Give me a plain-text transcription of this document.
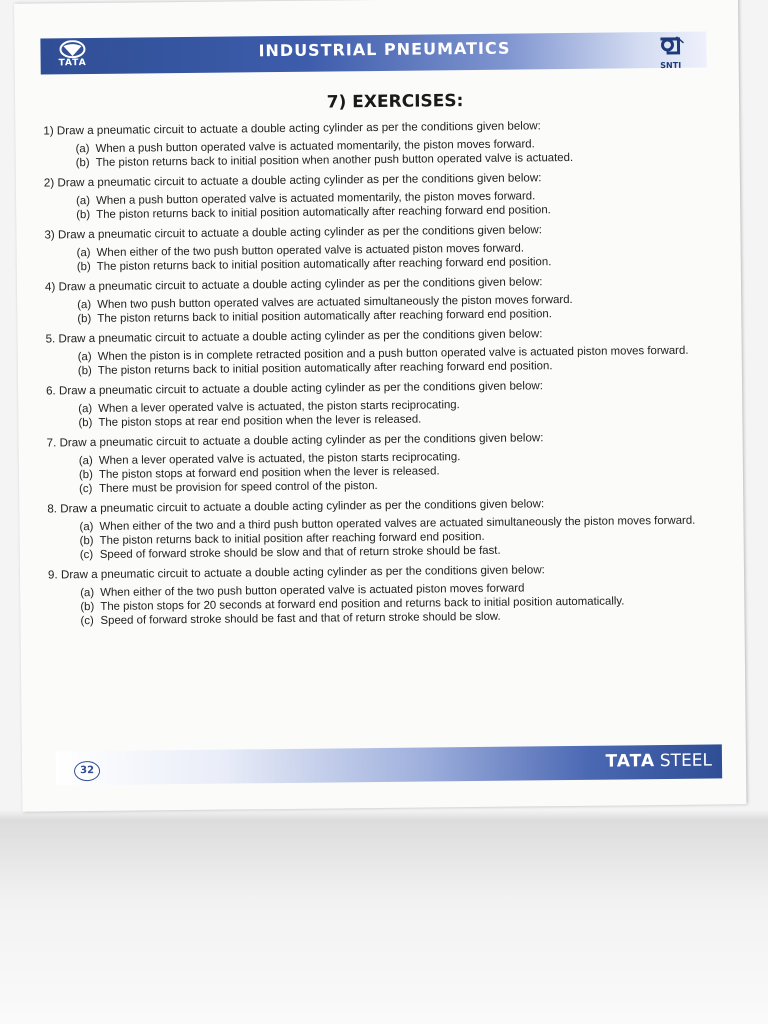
TATA
INDUSTRIAL PNEUMATICS
SNTI
7) EXERCISES:
1) Draw a pneumatic circuit to actuate a double acting cylinder as per the conditions given below:
(a) When a push button operated valve is actuated momentarily, the piston moves forward.
(b) The piston returns back to initial position when another push button operated valve is actuated.
2) Draw a pneumatic circuit to actuate a double acting cylinder as per the conditions given below:
(a) When a push button operated valve is actuated momentarily, the piston moves forward.
(b) The piston returns back to initial position automatically after reaching forward end position.
3) Draw a pneumatic circuit to actuate a double acting cylinder as per the conditions given below:
(a) When either of the two push button operated valve is actuated piston moves forward.
(b) The piston returns back to initial position automatically after reaching forward end position.
4) Draw a pneumatic circuit to actuate a double acting cylinder as per the conditions given below:
(a) When two push button operated valves are actuated simultaneously the piston moves forward.
(b) The piston returns back to initial position automatically after reaching forward end position.
5. Draw a pneumatic circuit to actuate a double acting cylinder as per the conditions given below:
(a) When the piston is in complete retracted position and a push button operated valve is actuated piston moves forward.
(b) The piston returns back to initial position automatically after reaching forward end position.
6. Draw a pneumatic circuit to actuate a double acting cylinder as per the conditions given below:
(a) When a lever operated valve is actuated, the piston starts reciprocating.
(b) The piston stops at rear end position when the lever is released.
7. Draw a pneumatic circuit to actuate a double acting cylinder as per the conditions given below:
(a) When a lever operated valve is actuated, the piston starts reciprocating.
(b) The piston stops at forward end position when the lever is released.
(c) There must be provision for speed control of the piston.
8. Draw a pneumatic circuit to actuate a double acting cylinder as per the conditions given below:
(a) When either of the two and a third push button operated valves are actuated simultaneously the piston moves forward.
(b) The piston returns back to initial position after reaching forward end position.
(c) Speed of forward stroke should be slow and that of return stroke should be fast.
9. Draw a pneumatic circuit to actuate a double acting cylinder as per the conditions given below:
(a) When either of the two push button operated valve is actuated piston moves forward
(b) The piston stops for 20 seconds at forward end position and returns back to initial position automatically.
(c) Speed of forward stroke should be fast and that of return stroke should be slow.
32	TATA STEEL
